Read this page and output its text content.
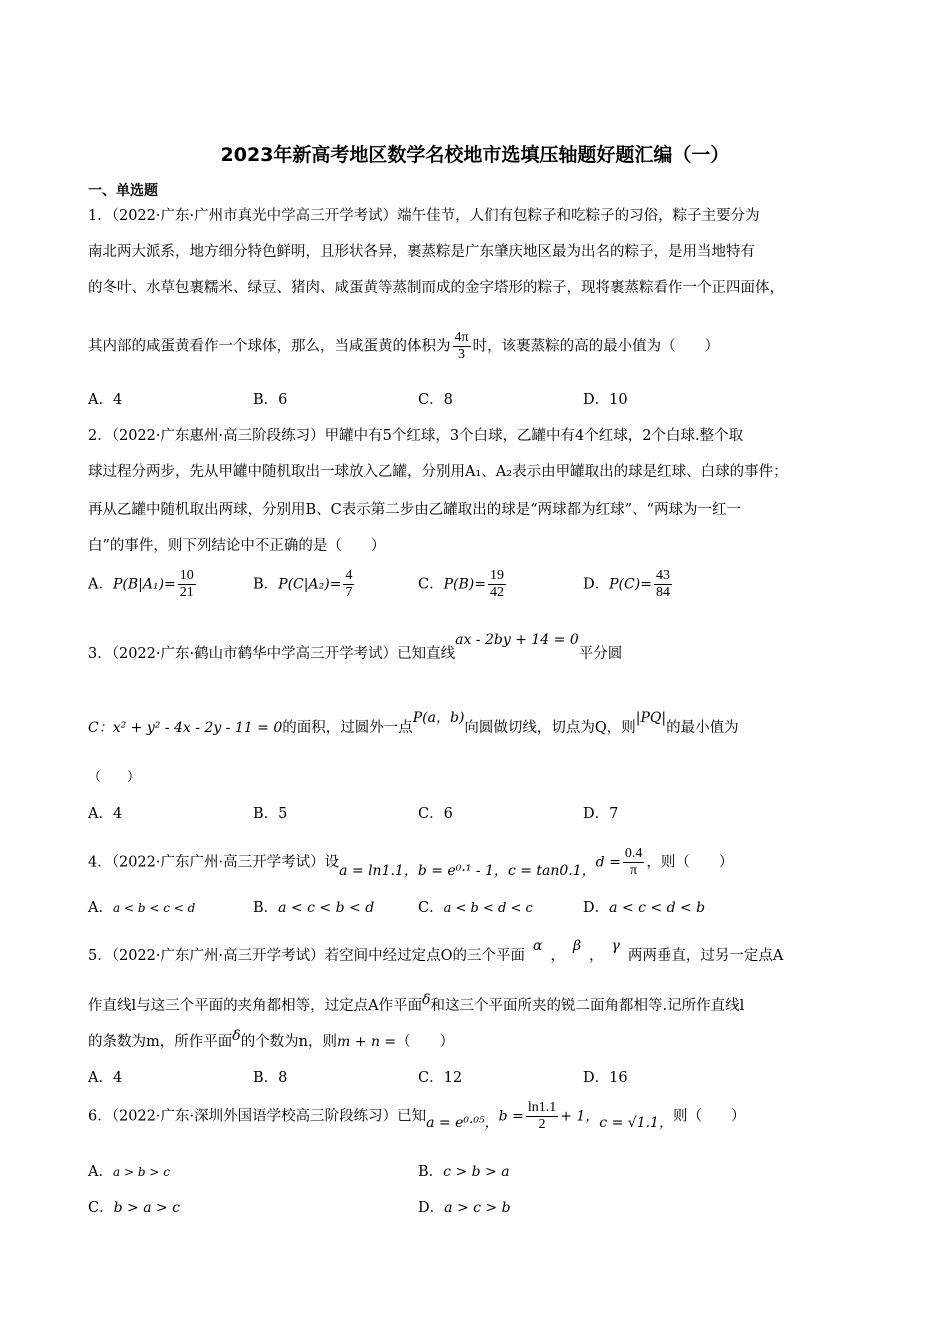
2023年新高考地区数学名校地市选填压轴题好题汇编（一）
一、单选题
1．（2022·广东·广州市真光中学高三开学考试）端午佳节，人们有包粽子和吃粽子的习俗，粽子主要分为
南北两大派系，地方细分特色鲜明，且形状各异，裹蒸粽是广东肇庆地区最为出名的粽子，是用当地特有
的冬叶、水草包裹糯米、绿豆、猪肉、咸蛋黄等蒸制而成的金字塔形的粽子，现将裹蒸粽看作一个正四面体，
其内部的咸蛋黄看作一个球体，那么，当咸蛋黄的体积为 $\frac{4\pi}{3}$ 时，该裹蒸粽的高的最小值为（　　）
A．4	B．6	C．8	D．10
2．（2022·广东惠州·高三阶段练习）甲罐中有5个红球，3个白球，乙罐中有4个红球，2个白球.整个取
球过程分两步，先从甲罐中随机取出一球放入乙罐，分别用A₁、A₂表示由甲罐取出的球是红球、白球的事件；
再从乙罐中随机取出两球，分别用B、C表示第二步由乙罐取出的球是“两球都为红球”、“两球为一红一
白”的事件，则下列结论中不正确的是（　　）
A．$P(B|A_1)= \frac{10}{21}$	B．$P(C|A_2)= \frac{4}{7}$	C．$P(B)= \frac{19}{42}$	D．$P(C)= \frac{43}{84}$
3．（2022·广东·鹤山市鹤华中学高三开学考试）已知直线ax - 2by + 14 = 0平分圆
C：x² + y² - 4x - 2y - 11 = 0的面积，过圆外一点P(a，b)向圆做切线，切点为Q，则|PQ|的最小值为
（　　）
A．4	B．5	C．6	D．7
4．（2022·广东广州·高三开学考试）设a = ln1.1，b = e⁰·¹ - 1，c = tan0.1，$d = \frac{0.4}{\pi}$ ，则（　　）
A．a < b < c < d	B．a < c < b < d	C．a < b < d < c	D．a < c < d < b
5．（2022·广东广州·高三开学考试）若空间中经过定点O的三个平面α，β，γ两两垂直，过另一定点A
作直线l与这三个平面的夹角都相等，过定点A作平面δ和这三个平面所夹的锐二面角都相等.记所作直线l
的条数为m，所作平面δ的个数为n，则m + n =（　　）
A．4	B．8	C．12	D．16
6．（2022·广东·深圳外国语学校高三阶段练习）已知a = e⁰·⁰⁵，$b = \frac{\ln 1.1}{2} + 1$，c = √1.1，则（　　）
A．a > b > c	B．c > b > a
C．b > a > c	D．a > c > b
